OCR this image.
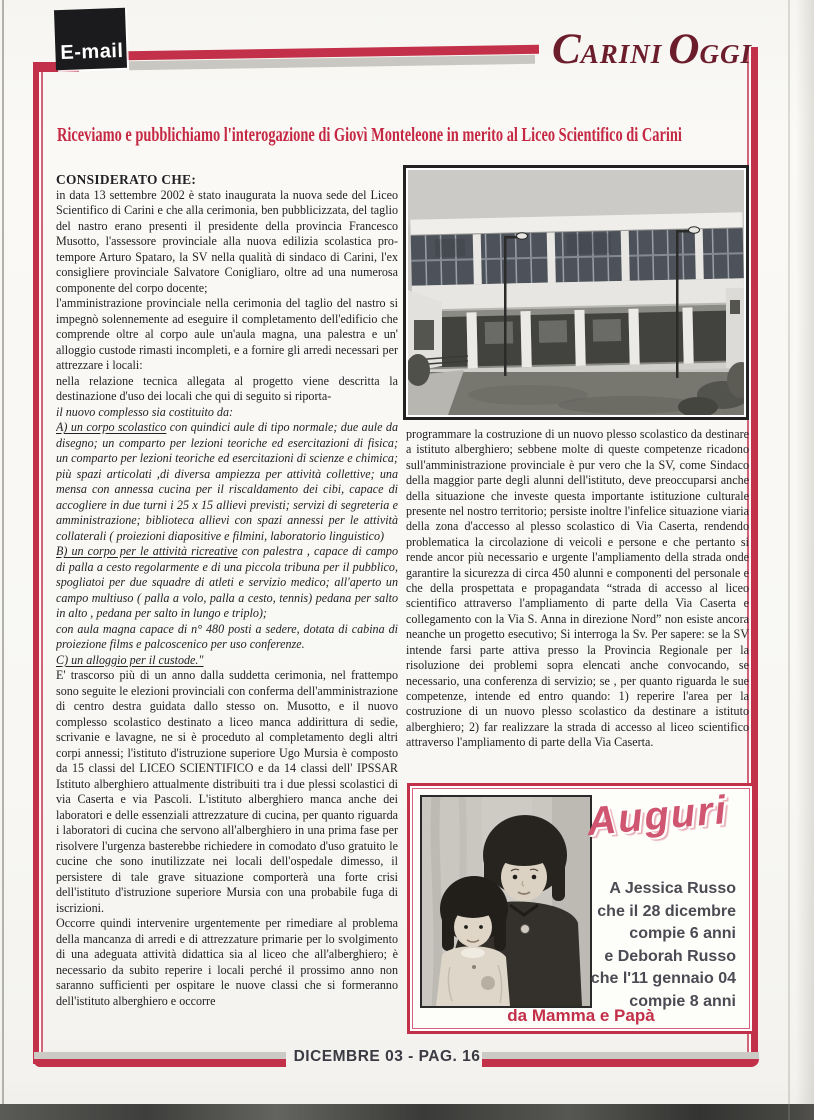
E-mail	C ARINI O GGI
Riceviamo e pubblichiamo l'interogazione di Giovì Monteleone in merito al Liceo Scientifico di Carini

CONSIDERATO CHE:

in data 13 settembre 2002 è stato inaugurata la nuova sede del Liceo Scientifico di Carini e che alla cerimonia, ben pubblicizzata, del taglio del nastro erano presenti il presidente della provincia Francesco Musotto, l'assessore provinciale alla nuova edilizia scolastica pro-tempore Arturo Spataro, la SV nella qualità di sindaco di Carini, l'ex consigliere provinciale Salvatore Conigliaro, oltre ad una numerosa componente del corpo docente;

l'amministrazione provinciale nella cerimonia del taglio del nastro si impegnò solennemente ad eseguire il completamento dell'edificio che comprende oltre al corpo aule un'aula magna, una palestra e un' alloggio custode rimasti incompleti, e a fornire gli arredi necessari per attrezzare i locali:

nella relazione tecnica allegata al progetto viene descritta la destinazione d'uso dei locali che qui di seguito si riporta-

il nuovo complesso sia costituito da:

A) un corpo scolastico con quindici aule di tipo normale; due aule da disegno; un comparto per lezioni teoriche ed esercitazioni di fisica; un comparto per lezioni teoriche ed esercitazioni di scienze e chimica; più spazi articolati ,di diversa ampiezza per attività collettive; una mensa con annessa cucina per il riscaldamento dei cibi, capace di accogliere in due turni i 25 x 15 allievi previsti; servizi di segreteria e amministrazione; biblioteca allievi con spazi annessi per le attività collaterali ( proiezioni diapositive e filmini, laboratorio linguistico)

B) un corpo per le attività ricreative con palestra , capace di campo di palla a cesto regolarmente e di una piccola tribuna per il pubblico, spogliatoi per due squadre di atleti e servizio medico; all'aperto un campo multiuso ( palla a volo, palla a cesto, tennis) pedana per salto in alto , pedana per salto in lungo e triplo);

con aula magna capace di n° 480 posti a sedere, dotata di cabina di proiezione films e palcoscenico per uso conferenze.

C) un alloggio per il custode."

E' trascorso più di un anno dalla suddetta cerimonia, nel frattempo sono seguite le elezioni provinciali con conferma dell'amministrazione di centro destra guidata dallo stesso on. Musotto, e il nuovo complesso scolastico destinato a liceo manca addirittura di sedie, scrivanie e lavagne, ne si è proceduto al completamento degli altri corpi annessi; l'istituto d'istruzione superiore Ugo Mursia è composto da 15 classi del LICEO SCIENTIFICO e da 14 classi dell' IPSSAR Istituto alberghiero attualmente distribuiti tra i due plessi scolastici di via Caserta e via Pascoli. L'istituto alberghiero manca anche dei laboratori e delle essenziali attrezzature di cucina, per quanto riguarda i laboratori di cucina che servono all'alberghiero in una prima fase per risolvere l'urgenza basterebbe richiedere in comodato d'uso gratuito le cucine che sono inutilizzate nei locali dell'ospedale dimesso, il persistere di tale grave situazione comporterà una forte crisi dell'istituto d'istruzione superiore Mursia con una probabile fuga di iscrizioni.

Occorre quindi intervenire urgentemente per rimediare al problema della mancanza di arredi e di attrezzature primarie per lo svolgimento di una adeguata attività didattica sia al liceo che all'alberghiero; è necessario da subito reperire i locali perché il prossimo anno non saranno sufficienti per ospitare le nuove classi che si formeranno dell'istituto alberghiero e occorre

programmare la costruzione di un nuovo plesso scolastico da destinare a istituto alberghiero; sebbene molte di queste competenze ricadono sull'amministrazione provinciale è pur vero che la SV, come Sindaco della maggior parte degli alunni dell'istituto, deve preoccuparsi anche della situazione che investe questa importante istituzione culturale presente nel nostro territorio; persiste inoltre l'infelice situazione viaria della zona d'accesso al plesso scolastico di Via Caserta, rendendo problematica la circolazione di veicoli e persone e che pertanto si rende ancor più necessario e urgente l'ampliamento della strada onde garantire la sicurezza di circa 450 alunni e componenti del personale e che della prospettata e propagandata “strada di accesso al liceo scientifico attraverso l'ampliamento di parte della Via Caserta e collegamento con la Via S. Anna in direzione Nord” non esiste ancora neanche un progetto esecutivo; Si interroga la Sv. Per sapere: se la SV intende farsi parte attiva presso la Provincia Regionale per la risoluzione dei problemi sopra elencati anche convocando, se necessario, una conferenza di servizio; se , per quanto riguarda le sue competenze, intende ed entro quando: 1) reperire l'area per la costruzione di un nuovo plesso scolastico da destinare a istituto alberghiero; 2) far realizzare la strada di accesso al liceo scientifico attraverso l'ampliamento di parte della Via Caserta.

Auguri
A Jessica Russo
che il 28 dicembre
compie 6 anni
e Deborah Russo
che l'11 gennaio 04
compie 8 anni
da Mamma e Papà
DICEMBRE 03 - PAG. 16
